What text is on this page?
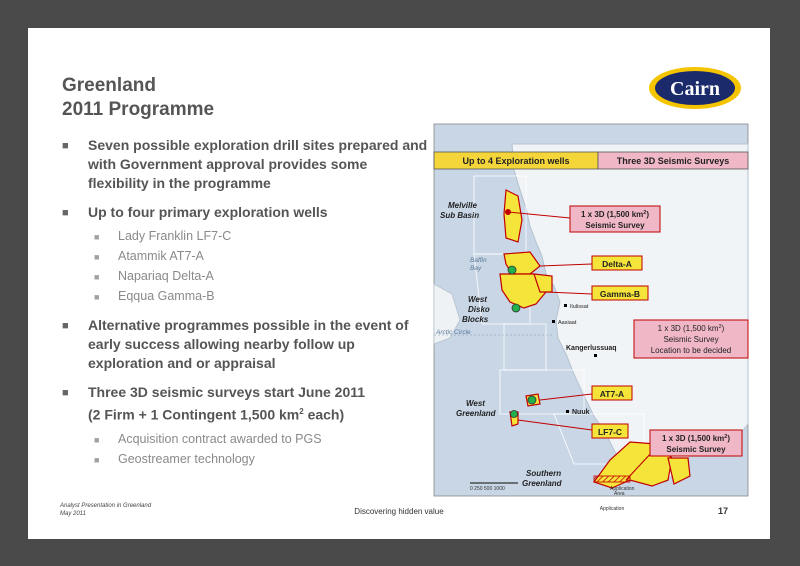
Greenland
2011 Programme
Cairn
■ Seven possible exploration drill sites prepared and with Government approval provides some flexibility in the programme
■ Up to four primary exploration wells
■ Lady Franklin LF7-C
■ Atammik AT7-A
■ Napariaq Delta-A
■ Eqqua Gamma-B
■ Alternative programmes possible in the event of early success allowing nearby follow up exploration and or appraisal
■ Three 3D seismic surveys start June 2011
(2 Firm + 1 Contingent 1,500 $km^2$ each)
■ Acquisition contract awarded to PGS
■ Geostreamer technology
Up to 4 Exploration wells	Three 3D Seismic Surveys
Melville
Sub Basin
West
Disko
Blocks
West
Greenland
Southern
Greenland
Baffin
Bay
Arctic Circle
Ilulissat
Aasiaat
Kangerlussuaq
Nuuk
Application
Application
Area
0 250 500 1000
Delta-A
Gamma-B
AT7-A
LF7-C
1 x 3D (1,500 $km^2$)
Seismic Survey
1 x 3D (1,500 $km^2$)
Seismic Survey
Location to be decided
1 x 3D (1,500 $km^2$)
Seismic Survey
Analyst Presentation in Greenland
May 2011	Discovering hidden value	17
